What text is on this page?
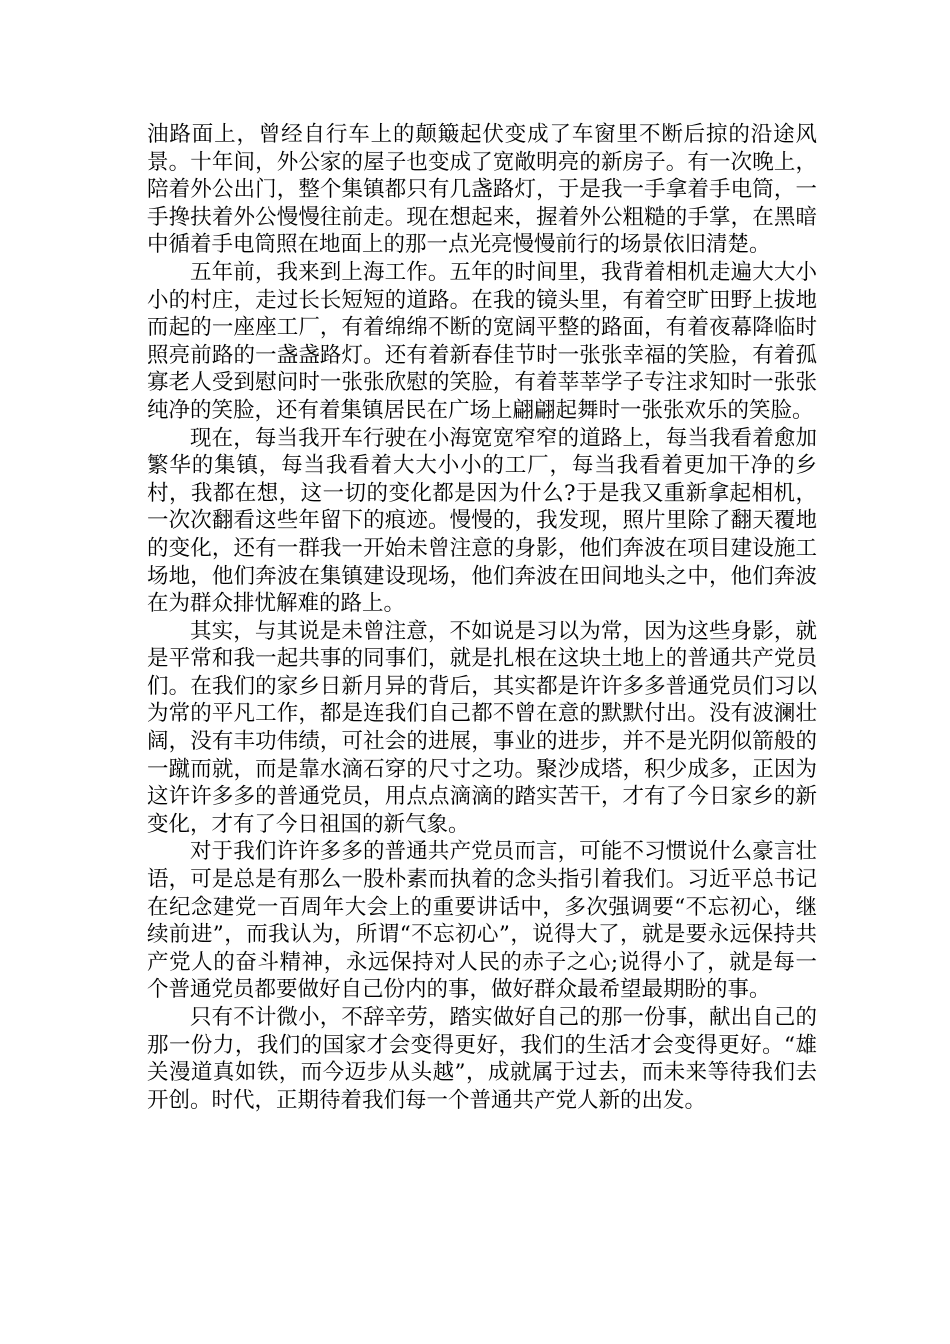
油路面上，曾经自行车上的颠簸起伏变成了车窗里不断后掠的沿途风景。十年间，外公家的屋子也变成了宽敞明亮的新房子。有一次晚上，陪着外公出门，整个集镇都只有几盏路灯，于是我一手拿着手电筒，一手搀扶着外公慢慢往前走。现在想起来，握着外公粗糙的手掌，在黑暗中循着手电筒照在地面上的那一点光亮慢慢前行的场景依旧清楚。

五年前，我来到上海工作。五年的时间里，我背着相机走遍大大小小的村庄，走过长长短短的道路。在我的镜头里，有着空旷田野上拔地而起的一座座工厂，有着绵绵不断的宽阔平整的路面，有着夜幕降临时照亮前路的一盏盏路灯。还有着新春佳节时一张张幸福的笑脸，有着孤寡老人受到慰问时一张张欣慰的笑脸，有着莘莘学子专注求知时一张张纯净的笑脸，还有着集镇居民在广场上翩翩起舞时一张张欢乐的笑脸。

现在，每当我开车行驶在小海宽宽窄窄的道路上，每当我看着愈加繁华的集镇，每当我看着大大小小的工厂，每当我看着更加干净的乡村，我都在想，这一切的变化都是因为什么?于是我又重新拿起相机，一次次翻看这些年留下的痕迹。慢慢的，我发现，照片里除了翻天覆地的变化，还有一群我一开始未曾注意的身影，他们奔波在项目建设施工场地，他们奔波在集镇建设现场，他们奔波在田间地头之中，他们奔波在为群众排忧解难的路上。

其实，与其说是未曾注意，不如说是习以为常，因为这些身影，就是平常和我一起共事的同事们，就是扎根在这块土地上的普通共产党员们。在我们的家乡日新月异的背后，其实都是许许多多普通党员们习以为常的平凡工作，都是连我们自己都不曾在意的默默付出。没有波澜壮阔，没有丰功伟绩，可社会的进展，事业的进步，并不是光阴似箭般的一蹴而就，而是靠水滴石穿的尺寸之功。聚沙成塔，积少成多，正因为这许许多多的普通党员，用点点滴滴的踏实苦干，才有了今日家乡的新变化，才有了今日祖国的新气象。

对于我们许许多多的普通共产党员而言，可能不习惯说什么豪言壮语，可是总是有那么一股朴素而执着的念头指引着我们。习近平总书记在纪念建党一百周年大会上的重要讲话中，多次强调要“不忘初心，继续前进”，而我认为，所谓“不忘初心”，说得大了，就是要永远保持共产党人的奋斗精神，永远保持对人民的赤子之心;说得小了，就是每一个普通党员都要做好自己份内的事，做好群众最希望最期盼的事。

只有不计微小，不辞辛劳，踏实做好自己的那一份事，献出自己的那一份力，我们的国家才会变得更好，我们的生活才会变得更好。“雄关漫道真如铁，而今迈步从头越”，成就属于过去，而未来等待我们去开创。时代，正期待着我们每一个普通共产党人新的出发。
